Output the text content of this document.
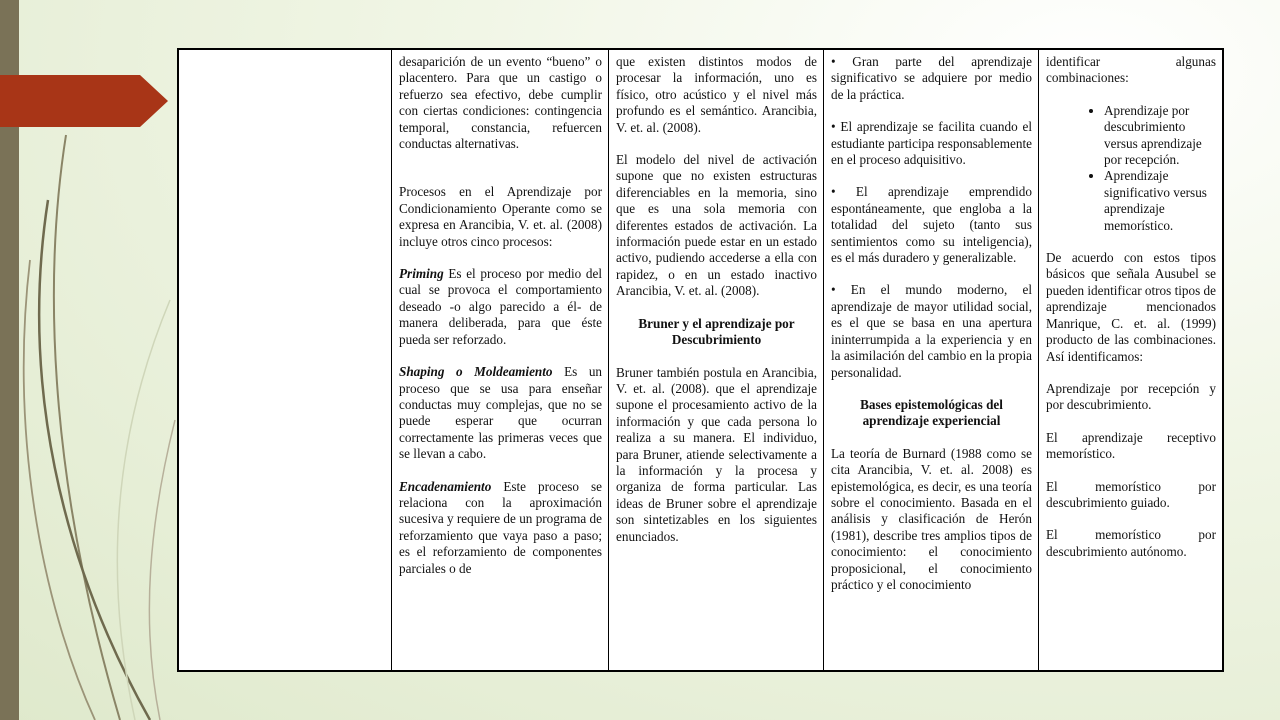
desaparición de un evento “bueno” o placentero. Para que un castigo o refuerzo sea efectivo, debe cumplir con ciertas condiciones: contingencia temporal, constancia, refuercen conductas alternativas.

Procesos en el Aprendizaje por Condicionamiento Operante como se expresa en Arancibia, V. et. al. (2008) incluye otros cinco procesos:

Priming Es el proceso por medio del cual se provoca el comportamiento deseado -o algo parecido a él- de manera deliberada, para que éste pueda ser reforzado.

Shaping o Moldeamiento Es un proceso que se usa para enseñar conductas muy complejas, que no se puede esperar que ocurran correctamente las primeras veces que se llevan a cabo.

Encadenamiento Este proceso se relaciona con la aproximación sucesiva y requiere de un programa de reforzamiento que vaya paso a paso; es el reforzamiento de componentes parciales o de

que existen distintos modos de procesar la información, uno es físico, otro acústico y el nivel más profundo es el semántico. Arancibia, V. et. al. (2008).

El modelo del nivel de activación supone que no existen estructuras diferenciables en la memoria, sino que es una sola memoria con diferentes estados de activación. La información puede estar en un estado activo, pudiendo accederse a ella con rapidez, o en un estado inactivo Arancibia, V. et. al. (2008).

Bruner y el aprendizaje por Descubrimiento

Bruner también postula en Arancibia, V. et. al. (2008). que el aprendizaje supone el procesamiento activo de la información y que cada persona lo realiza a su manera. El individuo, para Bruner, atiende selectivamente a la información y la procesa y organiza de forma particular. Las ideas de Bruner sobre el aprendizaje son sintetizables en los siguientes enunciados.

• Gran parte del aprendizaje significativo se adquiere por medio de la práctica.

• El aprendizaje se facilita cuando el estudiante participa responsablemente en el proceso adquisitivo.

• El aprendizaje emprendido espontáneamente, que engloba a la totalidad del sujeto (tanto sus sentimientos como su inteligencia), es el más duradero y generalizable.

• En el mundo moderno, el aprendizaje de mayor utilidad social, es el que se basa en una apertura ininterrumpida a la experiencia y en la asimilación del cambio en la propia personalidad.

Bases epistemológicas del aprendizaje experiencial

La teoría de Burnard (1988 como se cita Arancibia, V. et. al. 2008) es epistemológica, es decir, es una teoría sobre el conocimiento. Basada en el análisis y clasificación de Herón (1981), describe tres amplios tipos de conocimiento: el conocimiento proposicional, el conocimiento práctico y el conocimiento

identificar algunas combinaciones:

• Aprendizaje por descubrimiento versus aprendizaje por recepción.
• Aprendizaje significativo versus aprendizaje memorístico.

De acuerdo con estos tipos básicos que señala Ausubel se pueden identificar otros tipos de aprendizaje mencionados Manrique, C. et. al. (1999) producto de las combinaciones. Así identificamos:

Aprendizaje por recepción y por descubrimiento.

El aprendizaje receptivo memorístico.

El memorístico por descubrimiento guiado.

El memorístico por descubrimiento autónomo.
